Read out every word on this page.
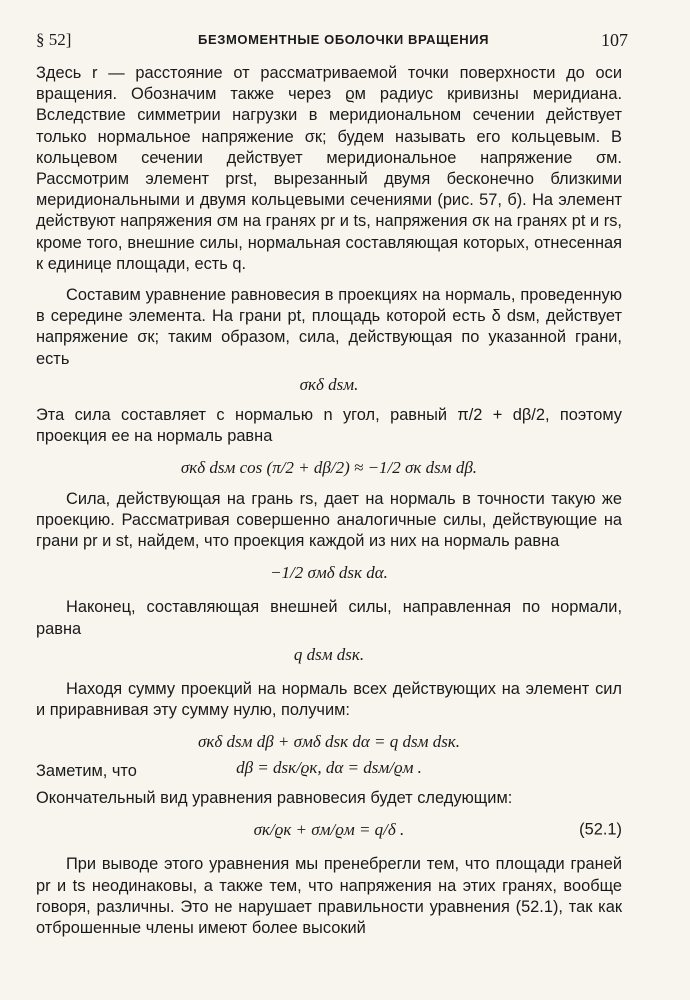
§ 52]	БЕЗМОМЕНТНЫЕ ОБОЛОЧКИ ВРАЩЕНИЯ	107

Здесь r — расстояние от рассматриваемой точки поверхности до оси вращения. Обозначим также через ϱм радиус кривизны меридиана. Вследствие симметрии нагрузки в меридиональном сечении действует только нормальное напряжение σк; будем называть его кольцевым. В кольцевом сечении действует меридиональное напряжение σм. Рассмотрим элемент prst, вырезанный двумя бесконечно близкими меридиональными и двумя кольцевыми сечениями (рис. 57, б). На элемент действуют напряжения σм на гранях pr и ts, напряжения σк на гранях pt и rs, кроме того, внешние силы, нормальная составляющая которых, отнесенная к единице площади, есть q.

Составим уравнение равновесия в проекциях на нормаль, проведенную в середине элемента. На грани pt, площадь которой есть δ dsм, действует напряжение σк; таким образом, сила, действующая по указанной грани, есть

σкδ dsм.

Эта сила составляет с нормалью n угол, равный π/2 + dβ/2, поэтому проекция ее на нормаль равна

σкδ dsм cos (π/2 + dβ/2) ≈ −1/2 σк dsм dβ.

Сила, действующая на грань rs, дает на нормаль в точности такую же проекцию. Рассматривая совершенно аналогичные силы, действующие на грани pr и st, найдем, что проекция каждой из них на нормаль равна

−1/2 σмδ dsк dα.

Наконец, составляющая внешней силы, направленная по нормали, равна

q dsм dsк.

Находя сумму проекций на нормаль всех действующих на элемент сил и приравнивая эту сумму нулю, получим:

σкδ dsм dβ + σмδ dsк dα = q dsм dsк.
Заметим, что	dβ = dsк/ϱк, dα = dsм/ϱм .

Окончательный вид уравнения равновесия будет следующим:

σк/ϱк + σм/ϱм = q/δ .	(52.1)

При выводе этого уравнения мы пренебрегли тем, что площади граней pr и ts неодинаковы, а также тем, что напряжения на этих гранях, вообще говоря, различны. Это не нарушает правильности уравнения (52.1), так как отброшенные члены имеют более высокий
